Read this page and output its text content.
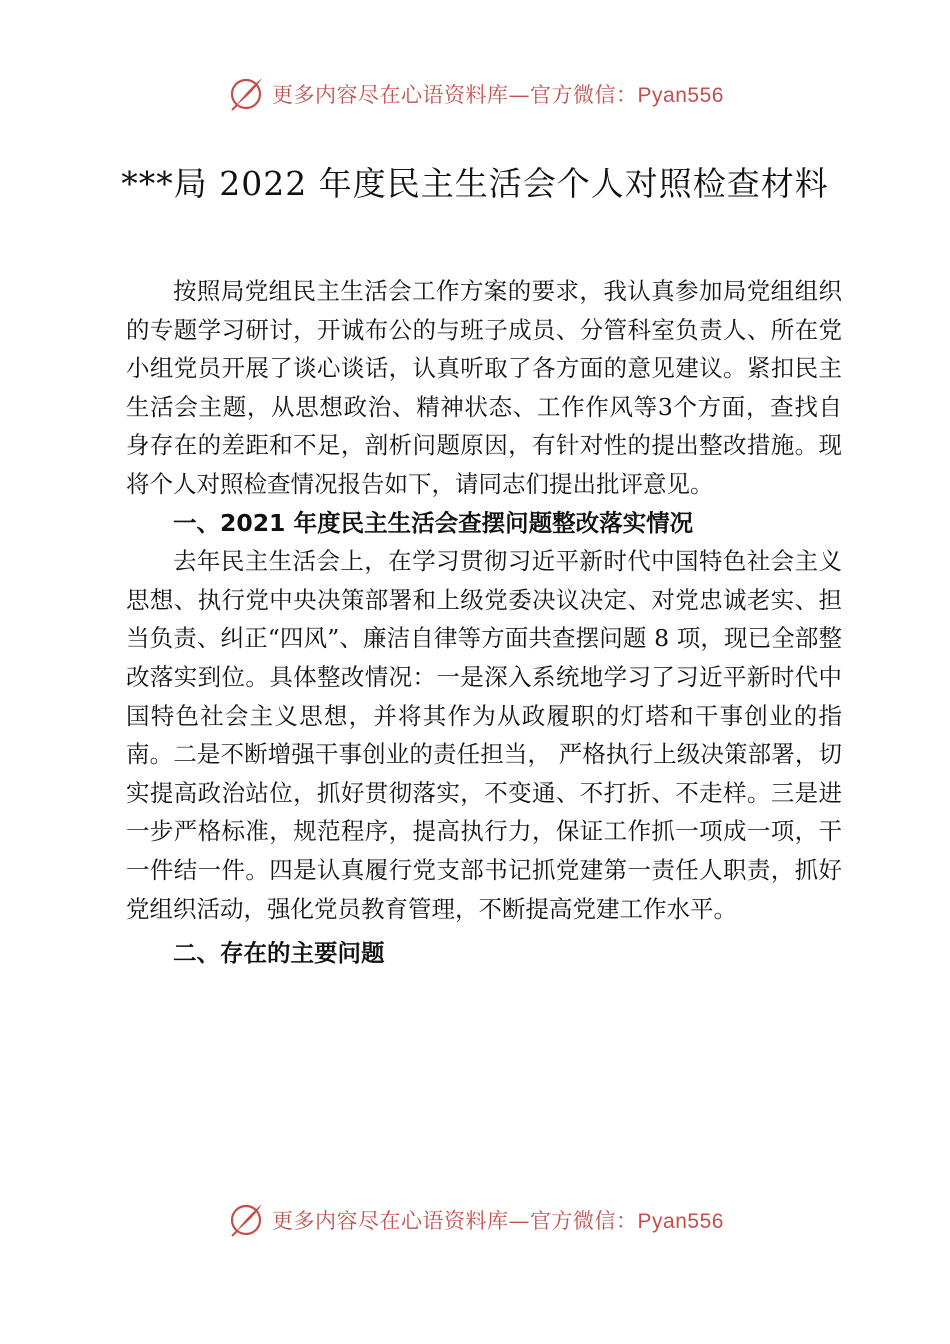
更多内容尽在心语资料库—官方微信：Pyan556
***局 2022 年度民主生活会个人对照检查材料

按照局党组民主生活会工作方案的要求，我认真参加局党组组织的专题学习研讨，开诚布公的与班子成员、分管科室负责人、所在党小组党员开展了谈心谈话，认真听取了各方面的意见建议。紧扣民主生活会主题，从思想政治、精神状态、工作作风等3个方面，查找自身存在的差距和不足，剖析问题原因，有针对性的提出整改措施。现将个人对照检查情况报告如下，请同志们提出批评意见。

一、2021 年度民主生活会查摆问题整改落实情况

去年民主生活会上，在学习贯彻习近平新时代中国特色社会主义思想、执行党中央决策部署和上级党委决议决定、对党忠诚老实、担当负责、纠正“四风”、廉洁自律等方面共查摆问题 8 项，现已全部整改落实到位。具体整改情况：一是深入系统地学习了习近平新时代中国特色社会主义思想，并将其作为从政履职的灯塔和干事创业的指南。二是不断增强干事创业的责任担当， 严格执行上级决策部署，切实提高政治站位，抓好贯彻落实，不变通、不打折、不走样。三是进一步严格标准，规范程序，提高执行力，保证工作抓一项成一项，干一件结一件。四是认真履行党支部书记抓党建第一责任人职责，抓好党组织活动，强化党员教育管理，不断提高党建工作水平。

二、存在的主要问题
更多内容尽在心语资料库—官方微信：Pyan556
